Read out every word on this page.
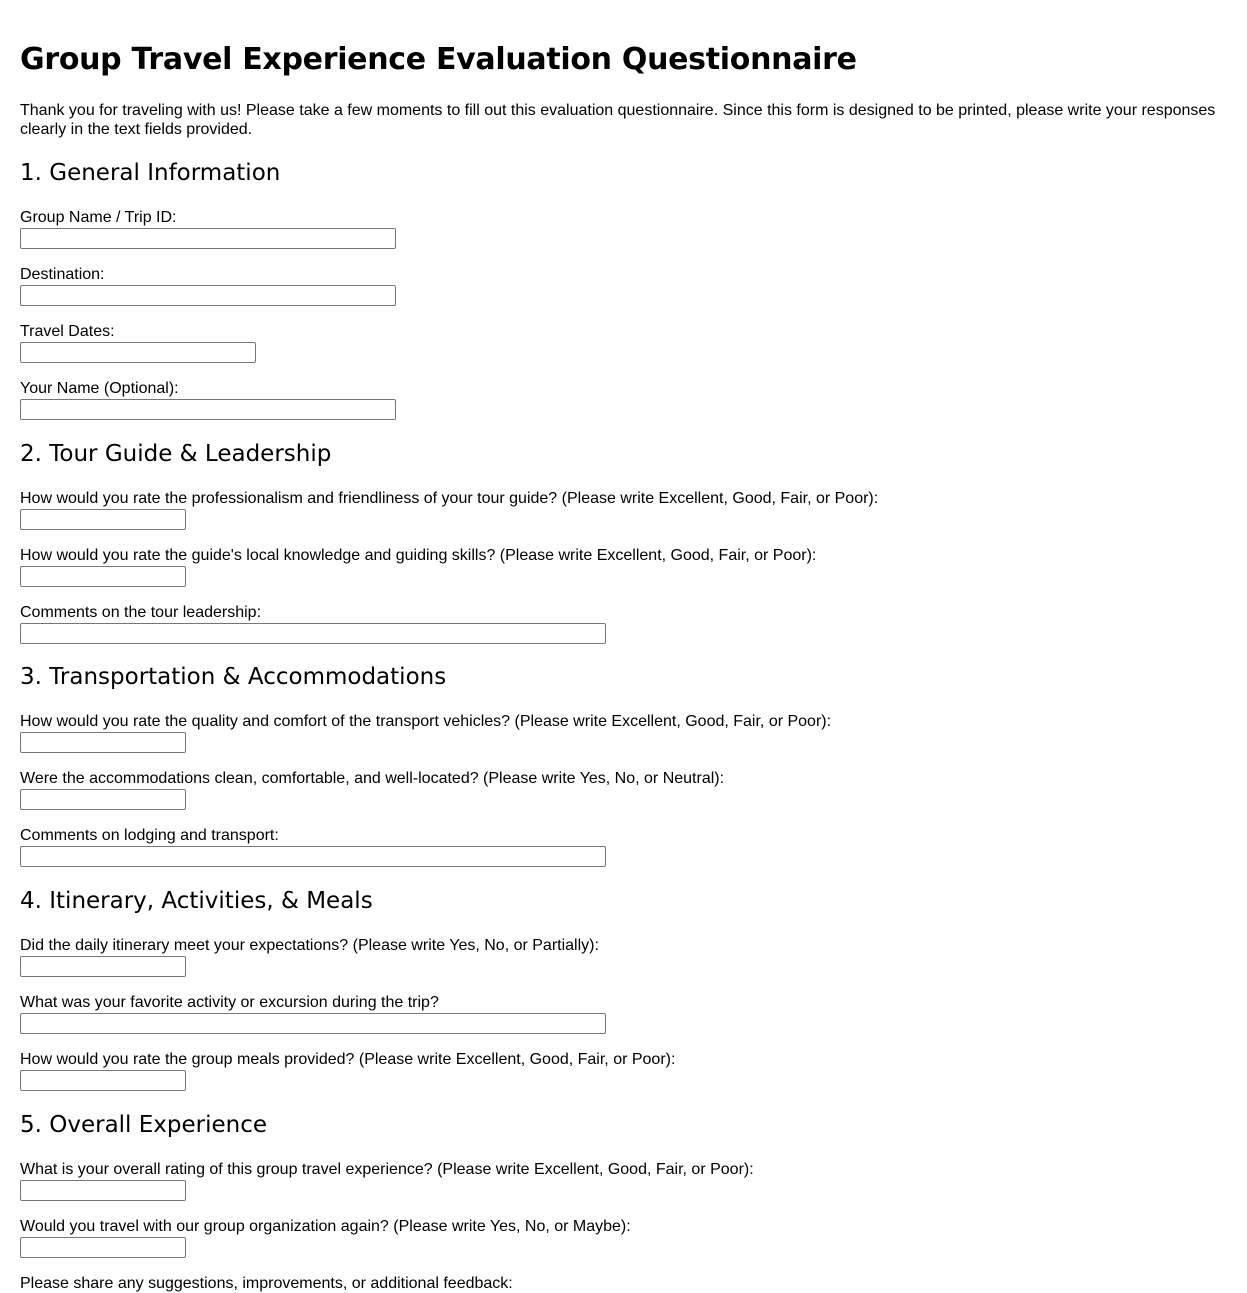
Group Travel Experience Evaluation Questionnaire

Thank you for traveling with us! Please take a few moments to fill out this evaluation questionnaire. Since this form is designed to be printed, please write your responses clearly in the text fields provided.

1. General Information
Group Name / Trip ID:
Destination:
Travel Dates:
Your Name (Optional):
2. Tour Guide & Leadership
How would you rate the professionalism and friendliness of your tour guide? (Please write Excellent, Good, Fair, or Poor):
How would you rate the guide's local knowledge and guiding skills? (Please write Excellent, Good, Fair, or Poor):
Comments on the tour leadership:
3. Transportation & Accommodations
How would you rate the quality and comfort of the transport vehicles? (Please write Excellent, Good, Fair, or Poor):
Were the accommodations clean, comfortable, and well-located? (Please write Yes, No, or Neutral):
Comments on lodging and transport:
4. Itinerary, Activities, & Meals
Did the daily itinerary meet your expectations? (Please write Yes, No, or Partially):
What was your favorite activity or excursion during the trip?
How would you rate the group meals provided? (Please write Excellent, Good, Fair, or Poor):
5. Overall Experience
What is your overall rating of this group travel experience? (Please write Excellent, Good, Fair, or Poor):
Would you travel with our group organization again? (Please write Yes, No, or Maybe):
Please share any suggestions, improvements, or additional feedback:
